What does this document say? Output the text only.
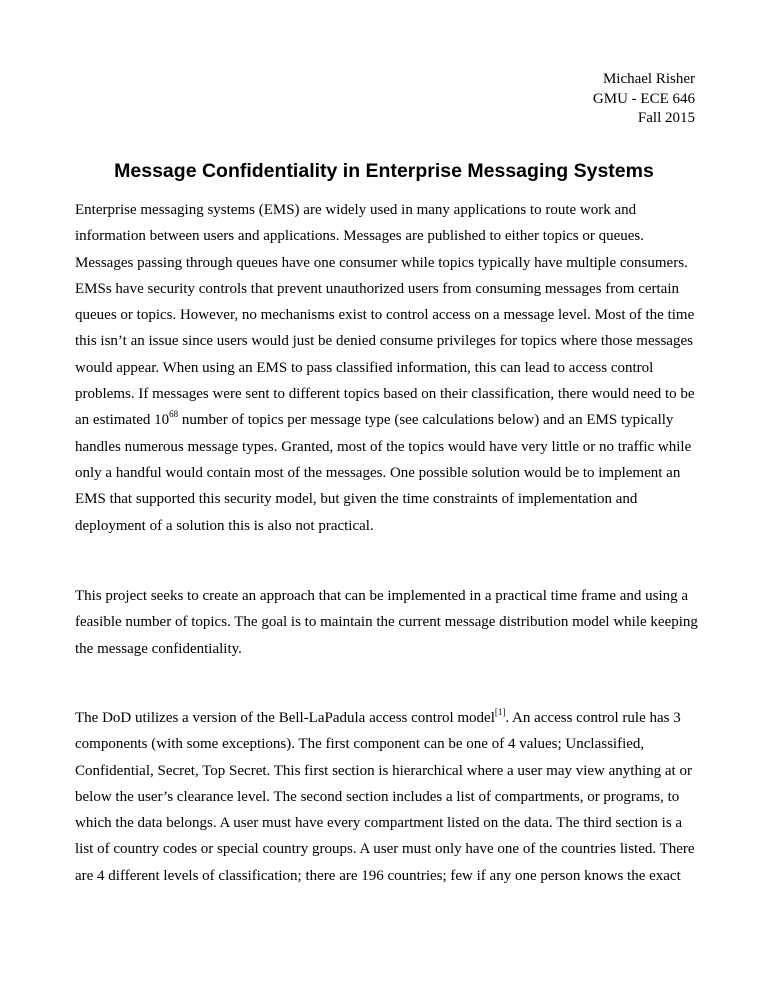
Michael Risher
GMU - ECE 646
Fall 2015
Message Confidentiality in Enterprise Messaging Systems
Enterprise messaging systems (EMS) are widely used in many applications to route work and
information between users and applications. Messages are published to either topics or queues.
Messages passing through queues have one consumer while topics typically have multiple consumers.
EMSs have security controls that prevent unauthorized users from consuming messages from certain
queues or topics. However, no mechanisms exist to control access on a message level. Most of the time
this isn’t an issue since users would just be denied consume privileges for topics where those messages
would appear. When using an EMS to pass classified information, this can lead to access control
problems. If messages were sent to different topics based on their classification, there would need to be
an estimated $10^{68}$ number of topics per message type (see calculations below) and an EMS typically
handles numerous message types. Granted, most of the topics would have very little or no traffic while
only a handful would contain most of the messages. One possible solution would be to implement an
EMS that supported this security model, but given the time constraints of implementation and
deployment of a solution this is also not practical.
This project seeks to create an approach that can be implemented in a practical time frame and using a
feasible number of topics. The goal is to maintain the current message distribution model while keeping
the message confidentiality.
The DoD utilizes a version of the Bell-LaPadula access control model[1]. An access control rule has 3
components (with some exceptions). The first component can be one of 4 values; Unclassified,
Confidential, Secret, Top Secret. This first section is hierarchical where a user may view anything at or
below the user’s clearance level. The second section includes a list of compartments, or programs, to
which the data belongs. A user must have every compartment listed on the data. The third section is a
list of country codes or special country groups. A user must only have one of the countries listed. There
are 4 different levels of classification; there are 196 countries; few if any one person knows the exact
